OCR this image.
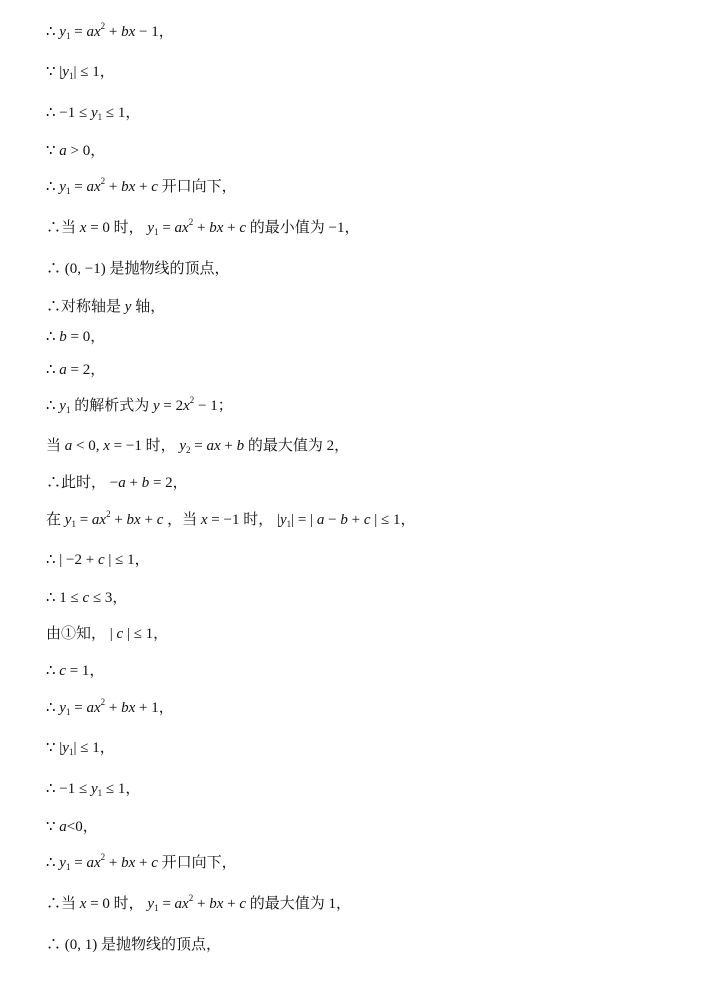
∴ $y_1 = ax^2$ + bx − 1，
∵ $|y_1| \le 1$，
∴ $-1 \le y_1 \le 1$，
∵ a > 0，
∴ $y_1 = ax^2$ + bx + c 开口向下，
∴当 x = 0 时， $y_1 = ax^2$ + bx + c 的最小值为 −1，
∴ (0, −1) 是抛物线的顶点，
∴对称轴是 y 轴，
∴ b = 0，
∴ a = 2，
∴ $y_1$ 的解析式为 $y = 2x^2 - 1$；
当 a < 0, x = −1 时， $y_2$ = ax + b 的最大值为 2，
∴此时， −a + b = 2，
在 $y_1 = ax^2$ + bx + c ，当 x = −1 时， $|y_1|$ = | a − b + c | ≤ 1，
∴ | −2 + c | ≤ 1，
∴ 1 ≤ c ≤ 3，
由①知， | c | ≤ 1，
∴ c = 1，
∴ $y_1 = ax^2$ + bx + 1，
∵ $|y_1| \le 1$，
∴ $-1 \le y_1 \le 1$，
∵ a<0，
∴ $y_1 = ax^2$ + bx + c 开口向下，
∴当 x = 0 时， $y_1 = ax^2$ + bx + c 的最大值为 1，
∴ (0, 1) 是抛物线的顶点，
